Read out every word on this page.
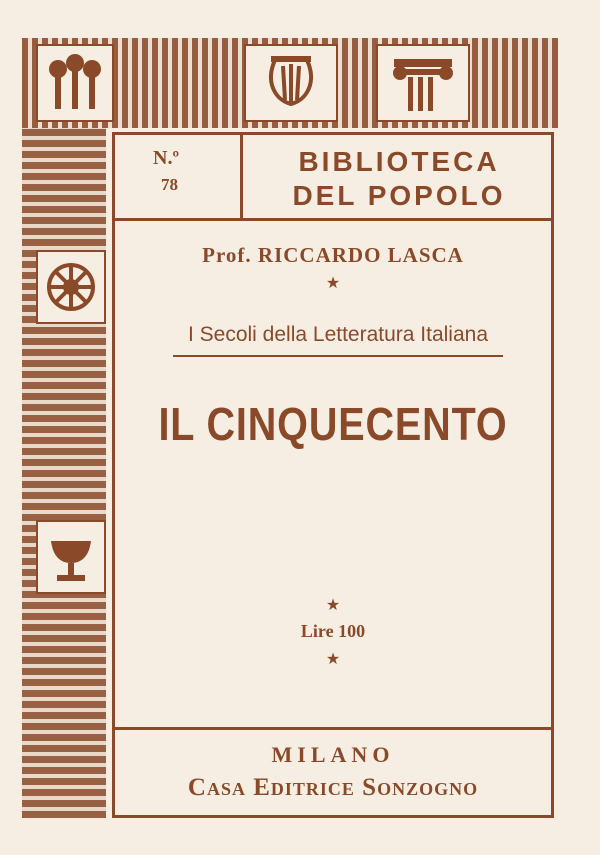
N.º
78
BIBLIOTECA
DEL POPOLO
Prof. RICCARDO LASCA
★
I Secoli della Letteratura Italiana
IL CINQUECENTO
★
Lire 100
★
MILANO
Casa Editrice Sonzogno
